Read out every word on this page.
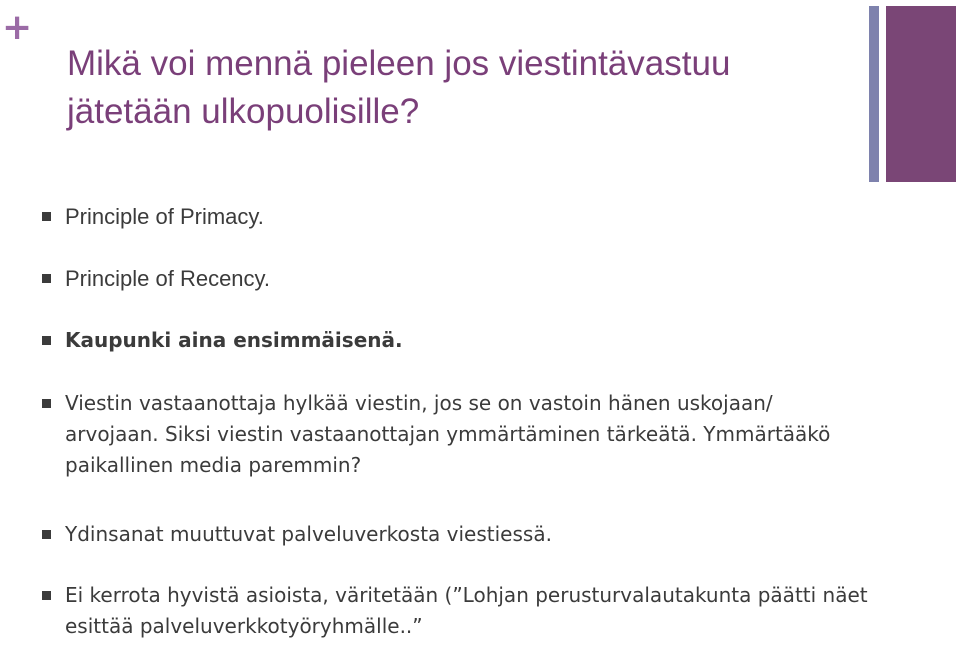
+
Mikä voi mennä pieleen jos viestintävastuu jätetään ulkopuolisille?
Principle of Primacy.
Principle of Recency.
Kaupunki aina ensimmäisenä.
Viestin vastaanottaja hylkää viestin, jos se on vastoin hänen uskojaan/ arvojaan. Siksi viestin vastaanottajan ymmärtäminen tärkeätä. Ymmärtääkö paikallinen media paremmin?
Ydinsanat muuttuvat palveluverkosta viestiessä.
Ei kerrota hyvistä asioista, väritetään (”Lohjan perusturvalautakunta päätti näet esittää palveluverkkotyöryhmälle..”
